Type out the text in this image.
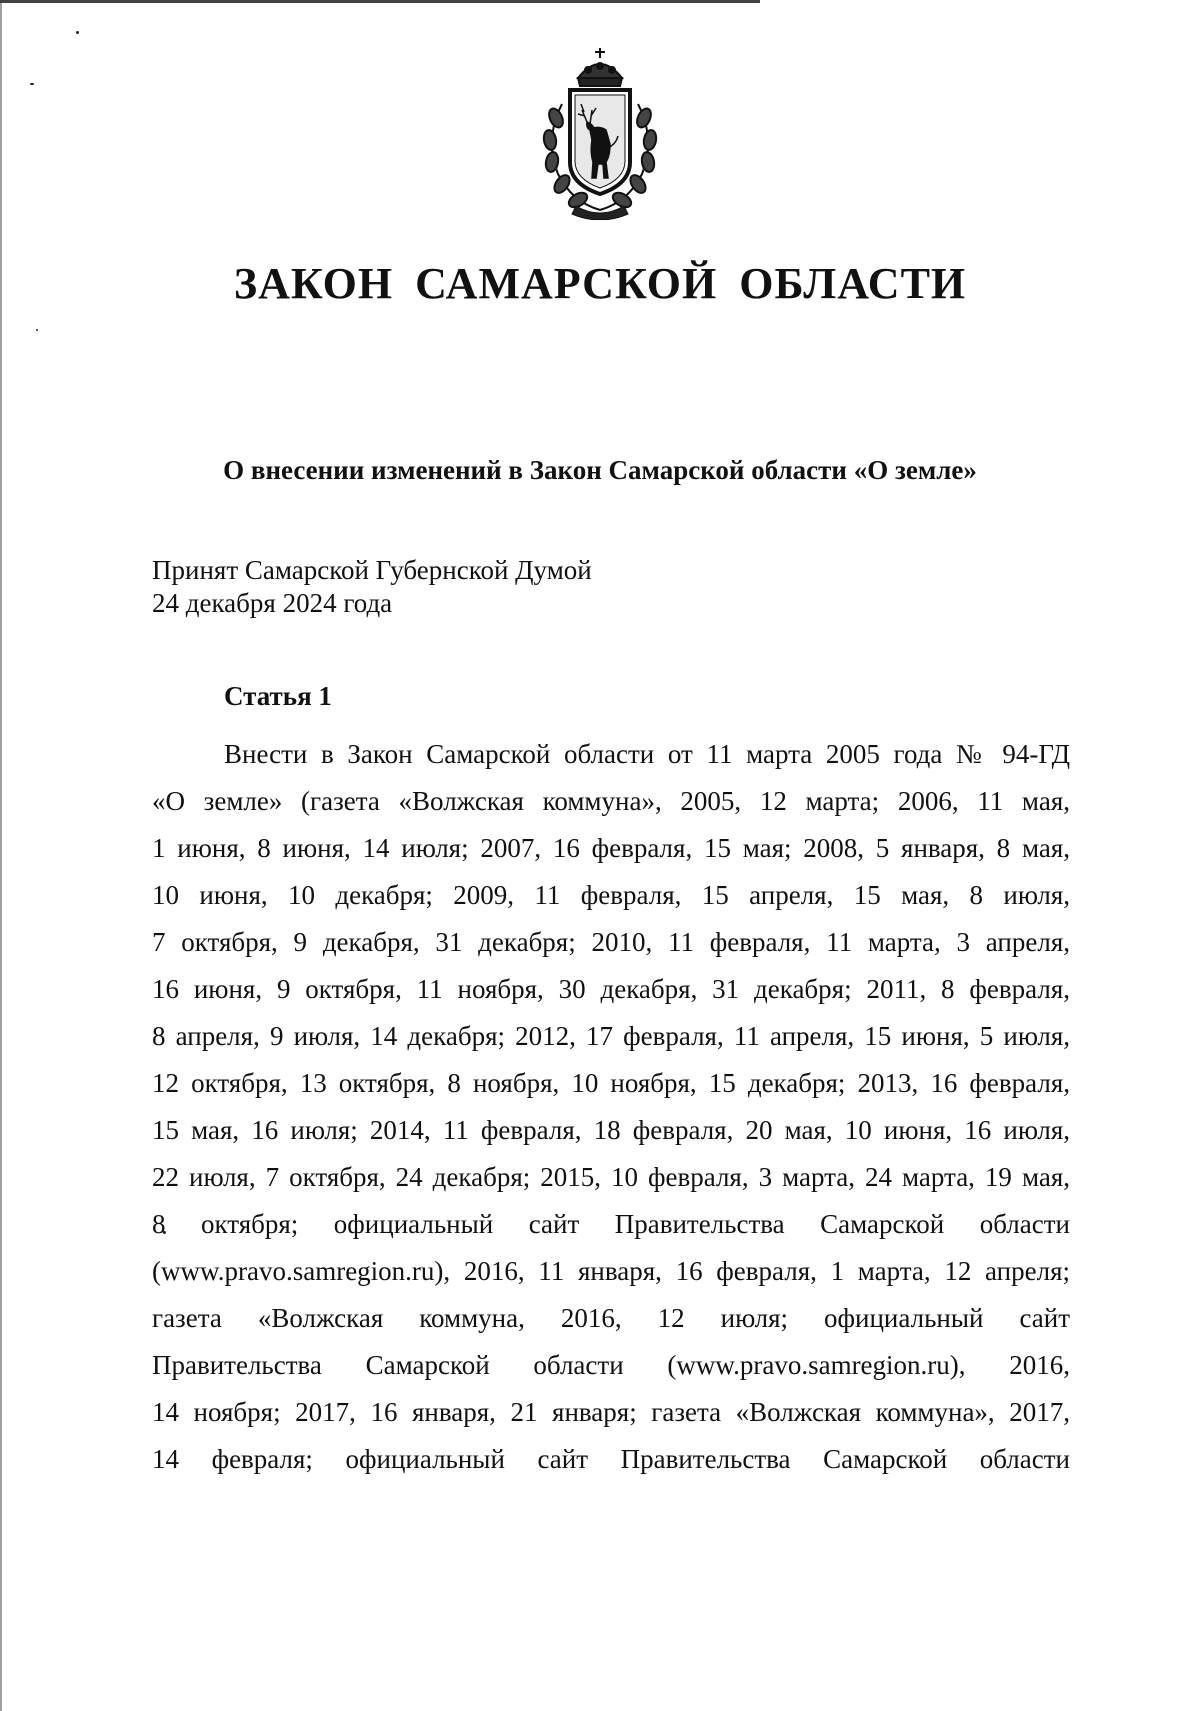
ЗАКОН САМАРСКОЙ ОБЛАСТИ
О внесении изменений в Закон Самарской области «О земле»
Принят Самарской Губернской Думой
24 декабря 2024 года
Статья 1
Внести в Закон Самарской области от 11 марта 2005 года № 94-ГД
«О земле» (газета «Волжская коммуна», 2005, 12 марта; 2006, 11 мая,
1 июня, 8 июня, 14 июля; 2007, 16 февраля, 15 мая; 2008, 5 января, 8 мая,
10 июня, 10 декабря; 2009, 11 февраля, 15 апреля, 15 мая, 8 июля,
7 октября, 9 декабря, 31 декабря; 2010, 11 февраля, 11 марта, 3 апреля,
16 июня, 9 октября, 11 ноября, 30 декабря, 31 декабря; 2011, 8 февраля,
8 апреля, 9 июля, 14 декабря; 2012, 17 февраля, 11 апреля, 15 июня, 5 июля,
12 октября, 13 октября, 8 ноября, 10 ноября, 15 декабря; 2013, 16 февраля,
15 мая, 16 июля; 2014, 11 февраля, 18 февраля, 20 мая, 10 июня, 16 июля,
22 июля, 7 октября, 24 декабря; 2015, 10 февраля, 3 марта, 24 марта, 19 мая,
8 октября; официальный сайт Правительства Самарской области
(www.pravo.samregion.ru), 2016, 11 января, 16 февраля, 1 марта, 12 апреля;
газета «Волжская коммуна, 2016, 12 июля; официальный сайт
Правительства Самарской области (www.pravo.samregion.ru), 2016,
14 ноября; 2017, 16 января, 21 января; газета «Волжская коммуна», 2017,
14 февраля; официальный сайт Правительства Самарской области
